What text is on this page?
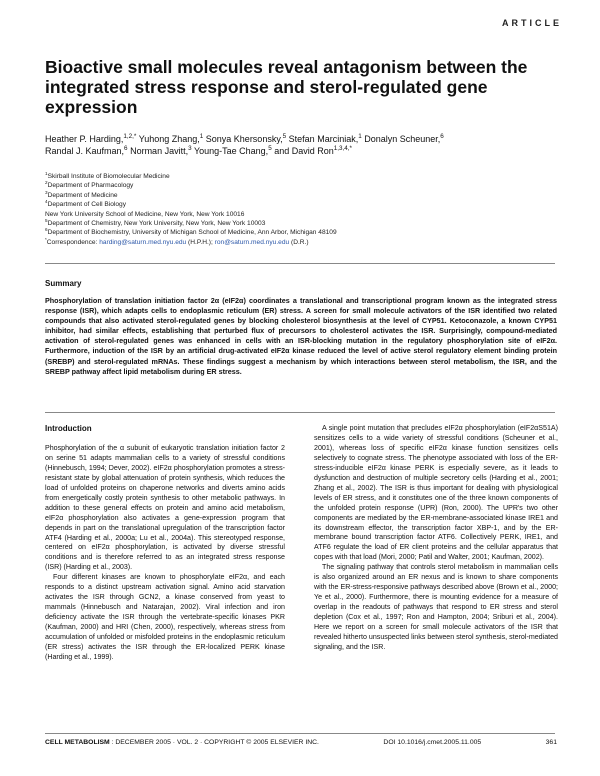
ARTICLE
Bioactive small molecules reveal antagonism between the integrated stress response and sterol-regulated gene expression
Heather P. Harding,$^{1,2,*}$ Yuhong Zhang,$^1$ Sonya Khersonsky,$^5$ Stefan Marciniak,$^1$ Donalyn Scheuner,$^6$
Randal J. Kaufman,$^6$ Norman Javitt,$^3$ Young-Tae Chang,$^5$ and David Ron$^{1,3,4,*}$
$^1$Skirball Institute of Biomolecular Medicine
$^2$Department of Pharmacology
$^3$Department of Medicine
$^4$Department of Cell Biology
New York University School of Medicine, New York, New York 10016
$^5$Department of Chemistry, New York University, New York, New York 10003
$^6$Department of Biochemistry, University of Michigan School of Medicine, Ann Arbor, Michigan 48109
*Correspondence: harding@saturn.med.nyu.edu (H.P.H.); ron@saturn.med.nyu.edu (D.R.)
Summary
Phosphorylation of translation initiation factor 2α (eIF2α) coordinates a translational and transcriptional program known as the integrated stress response (ISR), which adapts cells to endoplasmic reticulum (ER) stress. A screen for small molecule activators of the ISR identified two related compounds that also activated sterol-regulated genes by blocking cholesterol biosynthesis at the level of CYP51. Ketoconazole, a known CYP51 inhibitor, had similar effects, establishing that perturbed flux of precursors to cholesterol activates the ISR. Surprisingly, compound-mediated activation of sterol-regulated genes was enhanced in cells with an ISR-blocking mutation in the regulatory phosphorylation site of eIF2α. Furthermore, induction of the ISR by an artificial drug-activated eIF2α kinase reduced the level of active sterol regulatory element binding protein (SREBP) and sterol-regulated mRNAs. These findings suggest a mechanism by which interactions between sterol metabolism, the ISR, and the SREBP pathway affect lipid metabolism during ER stress.

Introduction

Phosphorylation of the α subunit of eukaryotic translation initiation factor 2 on serine 51 adapts mammalian cells to a variety of stressful conditions (Hinnebusch, 1994; Dever, 2002). eIF2α phosphorylation promotes a stress-resistant state by global attenuation of protein synthesis, which reduces the load of unfolded proteins on chaperone networks and diverts amino acids from energetically costly protein synthesis to other metabolic pathways. In addition to these general effects on protein and amino acid metabolism, eIF2α phosphorylation also activates a gene-expression program that depends in part on the translational upregulation of the transcription factor ATF4 (Harding et al., 2000a; Lu et al., 2004a). This stereotyped response, centered on eIF2α phosphorylation, is activated by diverse stressful conditions and is therefore referred to as an integrated stress response (ISR) (Harding et al., 2003).

Four different kinases are known to phosphorylate eIF2α, and each responds to a distinct upstream activation signal. Amino acid starvation activates the ISR through GCN2, a kinase conserved from yeast to mammals (Hinnebusch and Natarajan, 2002). Viral infection and iron deficiency activate the ISR through the vertebrate-specific kinases PKR (Kaufman, 2000) and HRI (Chen, 2000), respectively, whereas stress from accumulation of unfolded or misfolded proteins in the endoplasmic reticulum (ER stress) activates the ISR through the ER-localized PERK kinase (Harding et al., 1999).

A single point mutation that precludes eIF2α phosphorylation (eIF2αS51A) sensitizes cells to a wide variety of stressful conditions (Scheuner et al., 2001), whereas loss of specific eIF2α kinase function sensitizes cells selectively to cognate stress. The phenotype associated with loss of the ER-stress-inducible eIF2α kinase PERK is especially severe, as it leads to dysfunction and destruction of multiple secretory cells (Harding et al., 2001; Zhang et al., 2002). The ISR is thus important for dealing with physiological levels of ER stress, and it constitutes one of the three known components of the unfolded protein response (UPR) (Ron, 2000). The UPR's two other components are mediated by the ER-membrane-associated kinase IRE1 and its downstream effector, the transcription factor XBP-1, and by the ER-membrane bound transcription factor ATF6. Collectively PERK, IRE1, and ATF6 regulate the load of ER client proteins and the cellular apparatus that copes with that load (Mori, 2000; Patil and Walter, 2001; Kaufman, 2002).

The signaling pathway that controls sterol metabolism in mammalian cells is also organized around an ER nexus and is known to share components with the ER-stress-responsive pathways described above (Brown et al., 2000; Ye et al., 2000). Furthermore, there is mounting evidence for a measure of overlap in the readouts of pathways that respond to ER stress and sterol depletion (Cox et al., 1997; Ron and Hampton, 2004; Sriburi et al., 2004). Here we report on a screen for small molecule activators of the ISR that revealed hitherto unsuspected links between sterol synthesis, sterol-mediated signaling, and the ISR.

CELL METABOLISM : DECEMBER 2005 · VOL. 2 · COPYRIGHT © 2005 ELSEVIER INC.	DOI 10.1016/j.cmet.2005.11.005	361
